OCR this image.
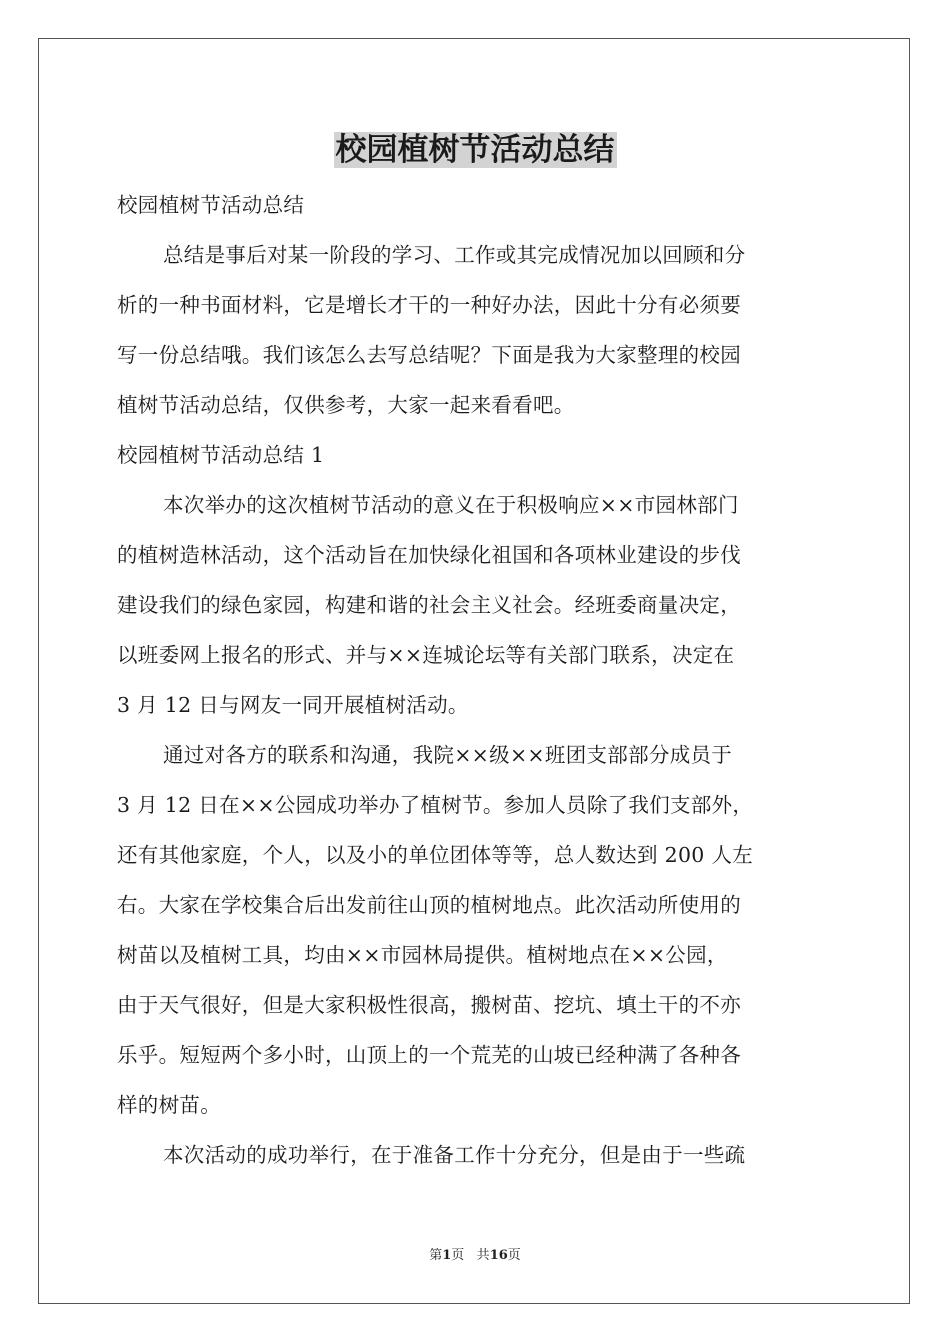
校园植树节活动总结
校园植树节活动总结
总结是事后对某一阶段的学习、工作或其完成情况加以回顾和分
析的一种书面材料，它是增长才干的一种好办法，因此十分有必须要
写一份总结哦。我们该怎么去写总结呢？下面是我为大家整理的校园
植树节活动总结，仅供参考，大家一起来看看吧。
校园植树节活动总结 1
本次举办的这次植树节活动的意义在于积极响应××市园林部门
的植树造林活动，这个活动旨在加快绿化祖国和各项林业建设的步伐
建设我们的绿色家园，构建和谐的社会主义社会。经班委商量决定，
以班委网上报名的形式、并与××连城论坛等有关部门联系，决定在
3 月 12 日与网友一同开展植树活动。
通过对各方的联系和沟通，我院××级××班团支部部分成员于
3 月 12 日在××公园成功举办了植树节。参加人员除了我们支部外，
还有其他家庭，个人，以及小的单位团体等等，总人数达到 200 人左
右。大家在学校集合后出发前往山顶的植树地点。此次活动所使用的
树苗以及植树工具，均由××市园林局提供。植树地点在××公园，
由于天气很好，但是大家积极性很高，搬树苗、挖坑、填土干的不亦
乐乎。短短两个多小时，山顶上的一个荒芜的山坡已经种满了各种各
样的树苗。
本次活动的成功举行，在于准备工作十分充分，但是由于一些疏
第1页 共16页
